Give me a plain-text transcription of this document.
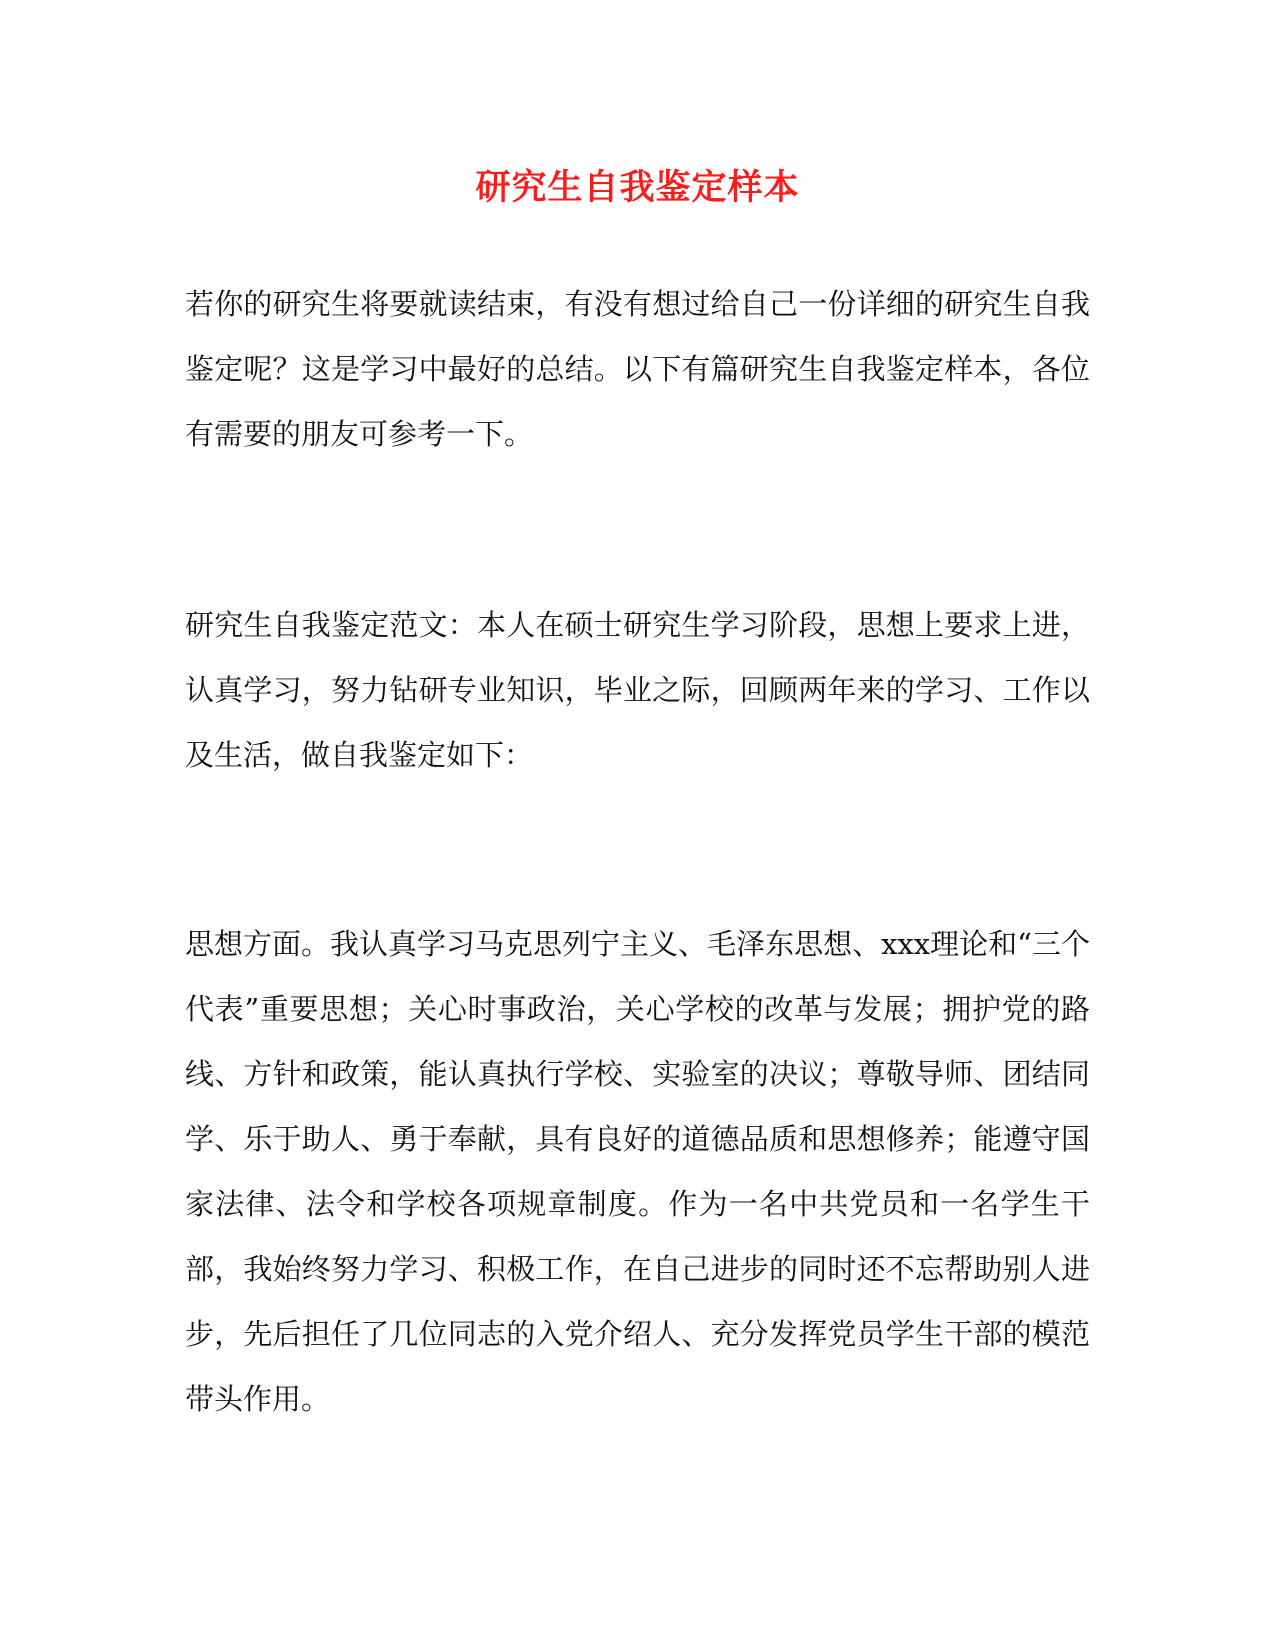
研究生自我鉴定样本

若你的研究生将要就读结束，有没有想过给自己一份详细的研究生自我鉴定呢？这是学习中最好的总结。以下有篇研究生自我鉴定样本，各位有需要的朋友可参考一下。

研究生自我鉴定范文：本人在硕士研究生学习阶段，思想上要求上进，认真学习，努力钻研专业知识，毕业之际，回顾两年来的学习、工作以及生活，做自我鉴定如下：

思想方面。我认真学习马克思列宁主义、毛泽东思想、xxx理论和“三个代表”重要思想；关心时事政治，关心学校的改革与发展；拥护党的路线、方针和政策，能认真执行学校、实验室的决议；尊敬导师、团结同学、乐于助人、勇于奉献，具有良好的道德品质和思想修养；能遵守国家法律、法令和学校各项规章制度。作为一名中共党员和一名学生干部，我始终努力学习、积极工作，在自己进步的同时还不忘帮助别人进步，先后担任了几位同志的入党介绍人、充分发挥党员学生干部的模范带头作用。
